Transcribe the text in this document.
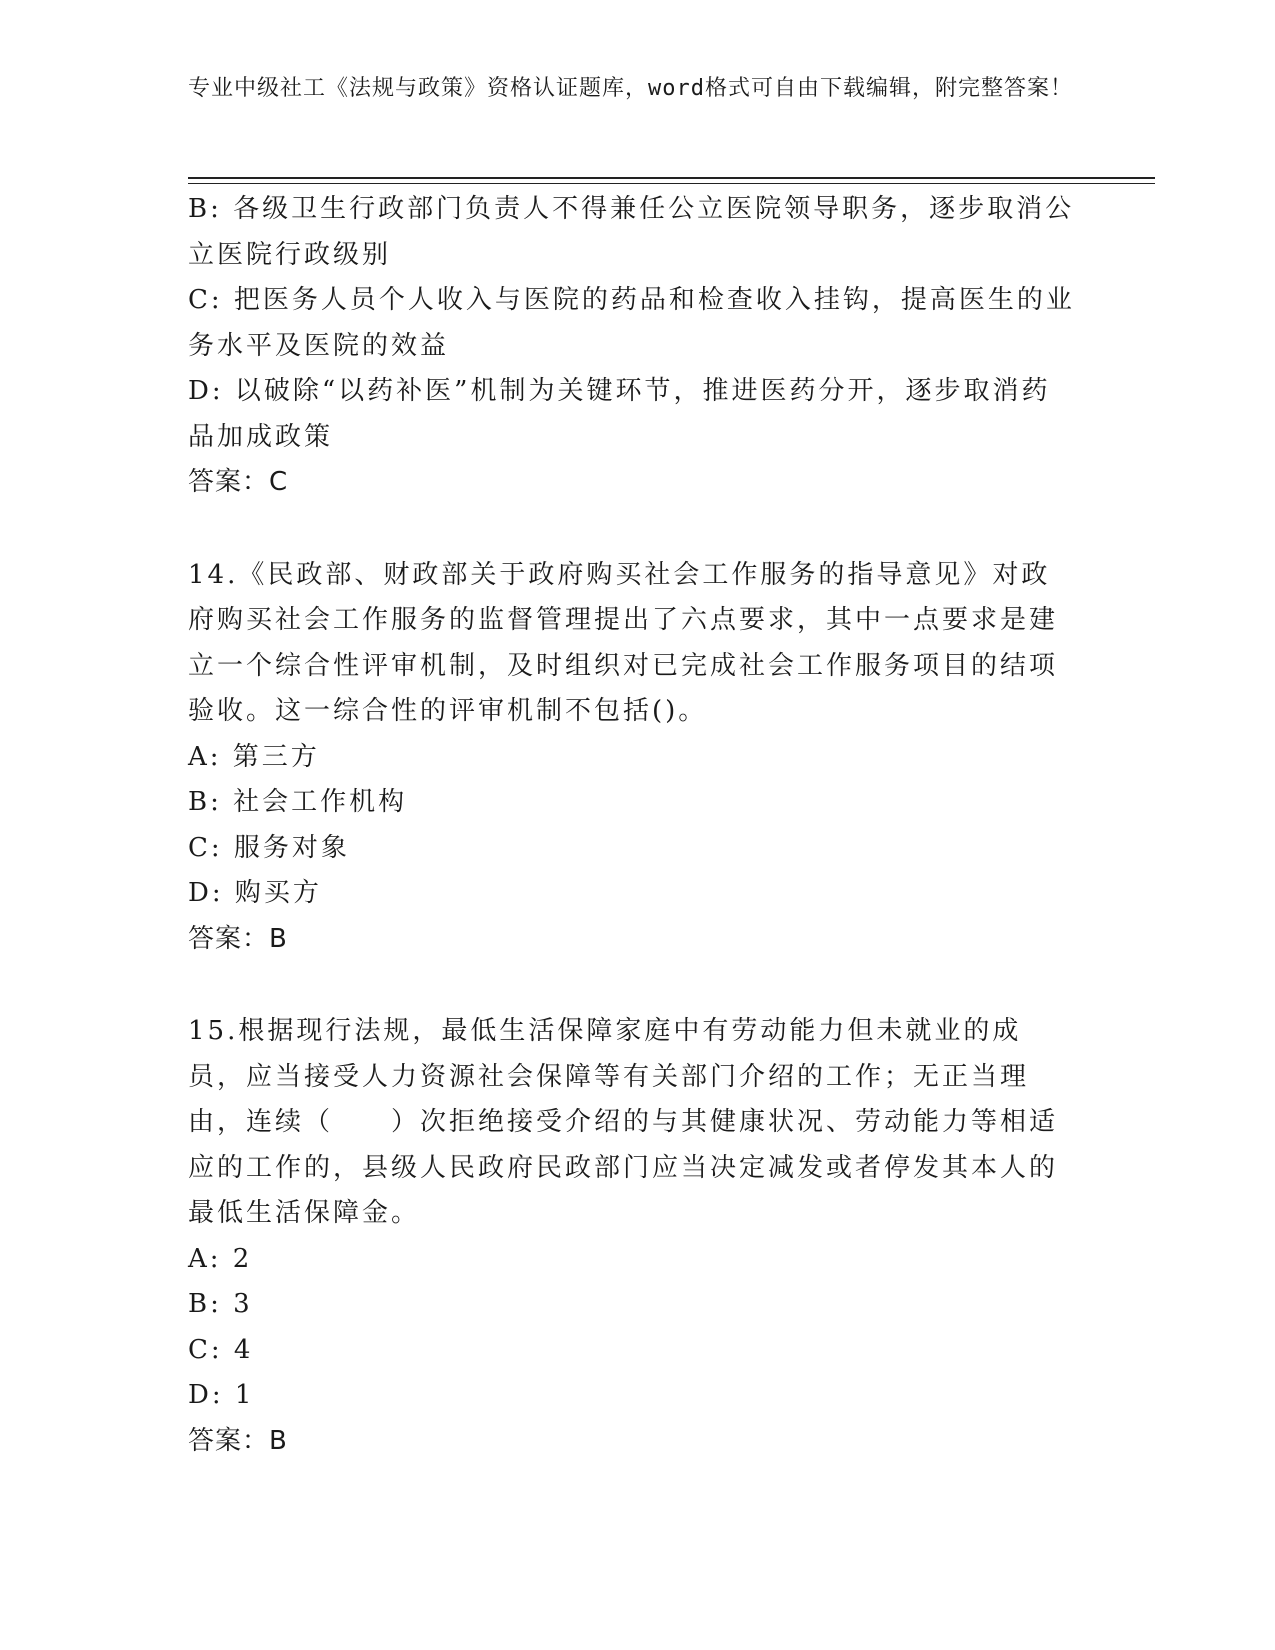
专业中级社工《法规与政策》资格认证题库，word格式可自由下载编辑，附完整答案！

B: 各级卫生行政部门负责人不得兼任公立医院领导职务，逐步取消公立医院行政级别

C: 把医务人员个人收入与医院的药品和检查收入挂钩，提高医生的业务水平及医院的效益

D: 以破除“以药补医”机制为关键环节，推进医药分开，逐步取消药品加成政策

答案：C

14.《民政部、财政部关于政府购买社会工作服务的指导意见》对政府购买社会工作服务的监督管理提出了六点要求，其中一点要求是建立一个综合性评审机制，及时组织对已完成社会工作服务项目的结项验收。这一综合性的评审机制不包括()。

A: 第三方

B: 社会工作机构

C: 服务对象

D: 购买方

答案：B

15.根据现行法规，最低生活保障家庭中有劳动能力但未就业的成员，应当接受人力资源社会保障等有关部门介绍的工作；无正当理由，连续（　　）次拒绝接受介绍的与其健康状况、劳动能力等相适应的工作的，县级人民政府民政部门应当决定减发或者停发其本人的最低生活保障金。

A: 2

B: 3

C: 4

D: 1

答案：B
